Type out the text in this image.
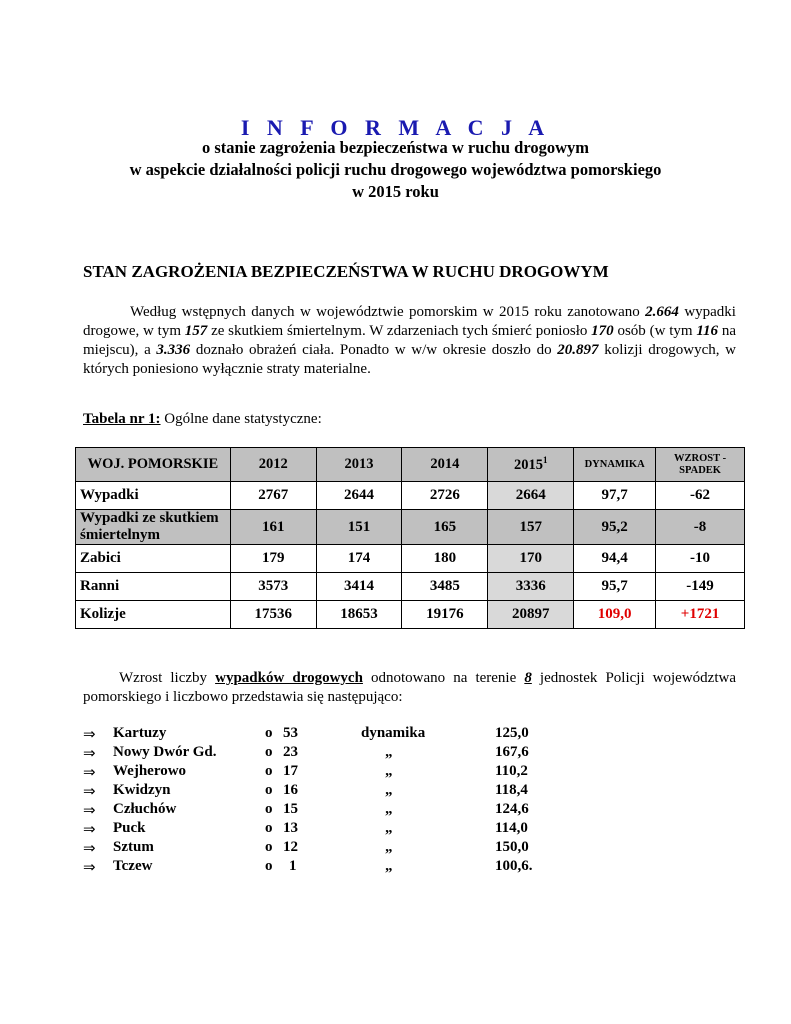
I N F O R M A C J A
o stanie zagrożenia bezpieczeństwa w ruchu drogowym
w aspekcie działalności policji ruchu drogowego województwa pomorskiego
w 2015 roku
STAN ZAGROŻENIA BEZPIECZEŃSTWA W RUCHU DROGOWYM
Według wstępnych danych w województwie pomorskim w 2015 roku zanotowano 2.664 wypadki drogowe, w tym 157 ze skutkiem śmiertelnym. W zdarzeniach tych śmierć poniosło 170 osób (w tym 116 na miejscu), a 3.336 doznało obrażeń ciała. Ponadto w w/w okresie doszło do 20.897 kolizji drogowych, w których poniesiono wyłącznie straty materialne.
Tabela nr 1: Ogólne dane statystyczne:
WOJ. POMORSKIE	2012	2013	2014	2015$^1$	DYNAMIKA	WZROST - SPADEK
Wypadki	2767	2644	2726	2664	97,7	-62
Wypadki ze skutkiem śmiertelnym	161	151	165	157	95,2	-8
Zabici	179	174	180	170	94,4	-10
Ranni	3573	3414	3485	3336	95,7	-149
Kolizje	17536	18653	19176	20897	109,0	+1721
Wzrost liczby wypadków drogowych odnotowano na terenie 8 jednostek Policji województwa pomorskiego i liczbowo przedstawia się następująco:
⇒ Kartuzy	o 53	dynamika	125,0
⇒ Nowy Dwór Gd.	o 23	„	167,6
⇒ Wejherowo	o 17	„	110,2
⇒ Kwidzyn	o 16	„	118,4
⇒ Człuchów	o 15	„	124,6
⇒ Puck	o 13	„	114,0
⇒ Sztum	o 12	„	150,0
⇒ Tczew	o 1	„	100,6.
